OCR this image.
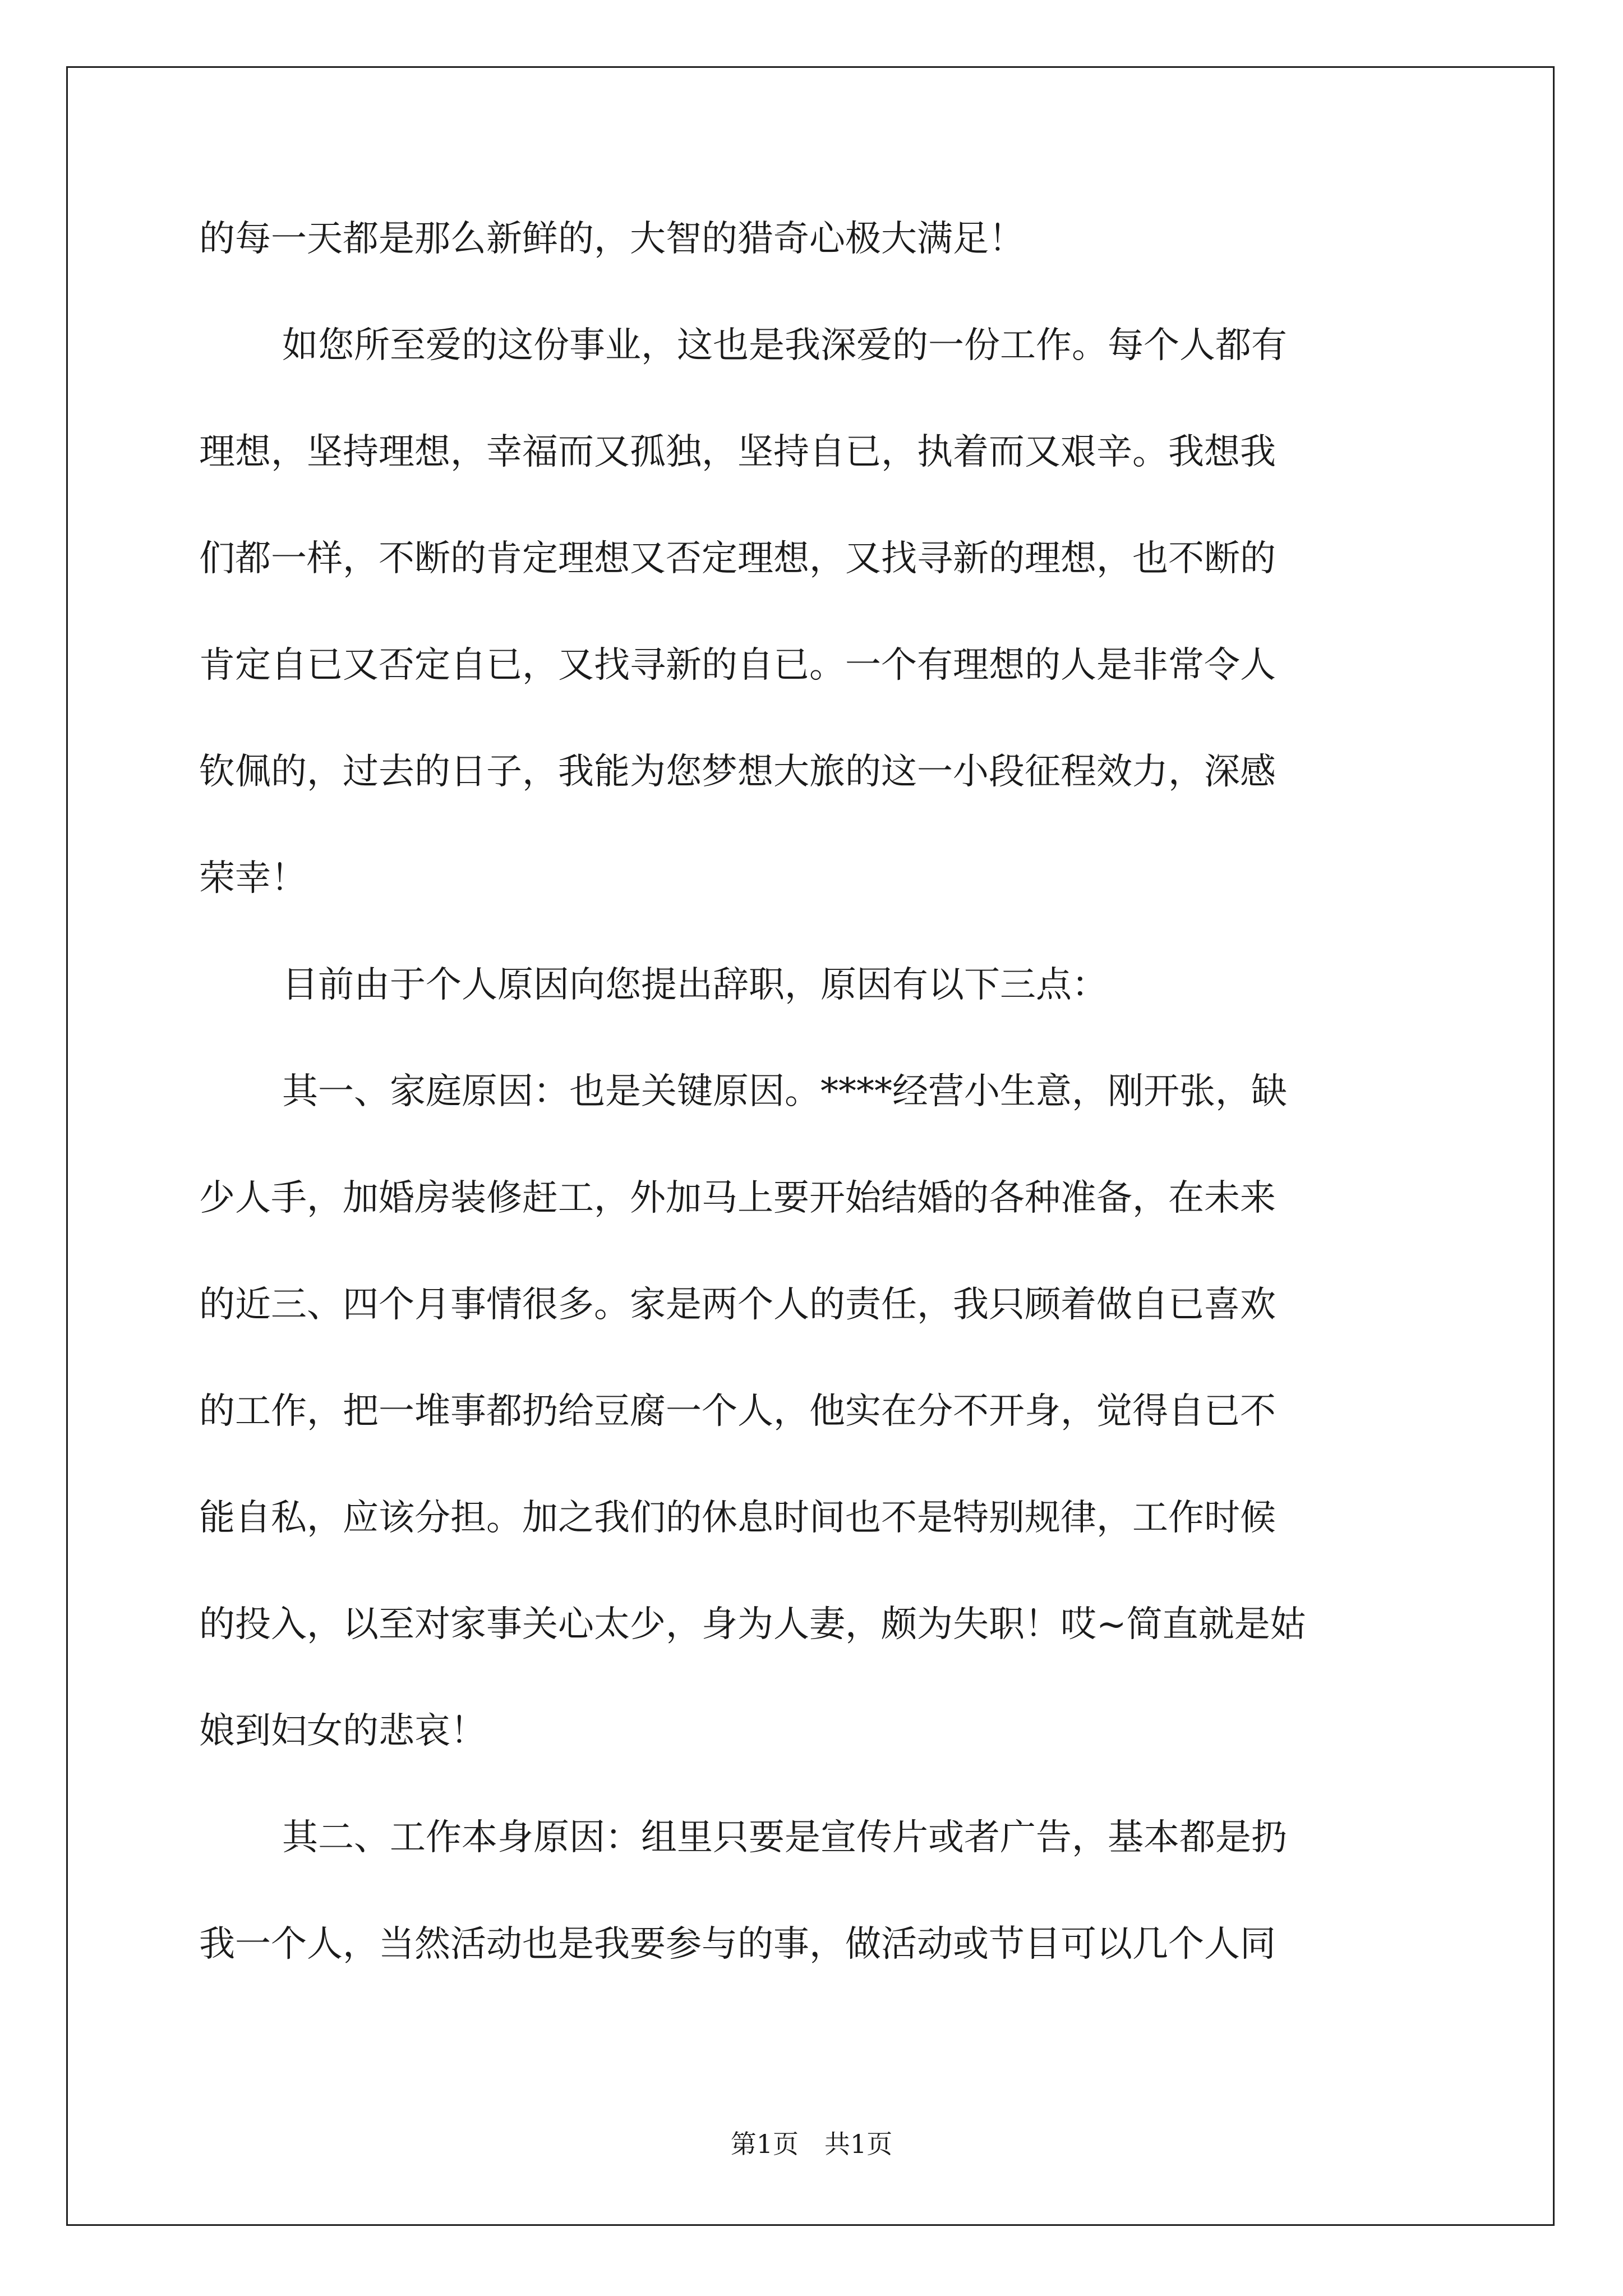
的每一天都是那么新鲜的，大智的猎奇心极大满足！
如您所至爱的这份事业，这也是我深爱的一份工作。每个人都有
理想，坚持理想，幸福而又孤独，坚持自已，执着而又艰辛。我想我
们都一样，不断的肯定理想又否定理想，又找寻新的理想，也不断的
肯定自已又否定自已，又找寻新的自已。一个有理想的人是非常令人
钦佩的，过去的日子，我能为您梦想大旅的这一小段征程效力，深感
荣幸！
目前由于个人原因向您提出辞职，原因有以下三点：
其一、家庭原因：也是关键原因。****经营小生意，刚开张，缺
少人手，加婚房装修赶工，外加马上要开始结婚的各种准备，在未来
的近三、四个月事情很多。家是两个人的责任，我只顾着做自已喜欢
的工作，把一堆事都扔给豆腐一个人，他实在分不开身，觉得自已不
能自私，应该分担。加之我们的休息时间也不是特别规律，工作时候
的投入，以至对家事关心太少，身为人妻，颇为失职！哎~简直就是姑
娘到妇女的悲哀！
其二、工作本身原因：组里只要是宣传片或者广告，基本都是扔
我一个人，当然活动也是我要参与的事，做活动或节目可以几个人同
第1页　共1页
